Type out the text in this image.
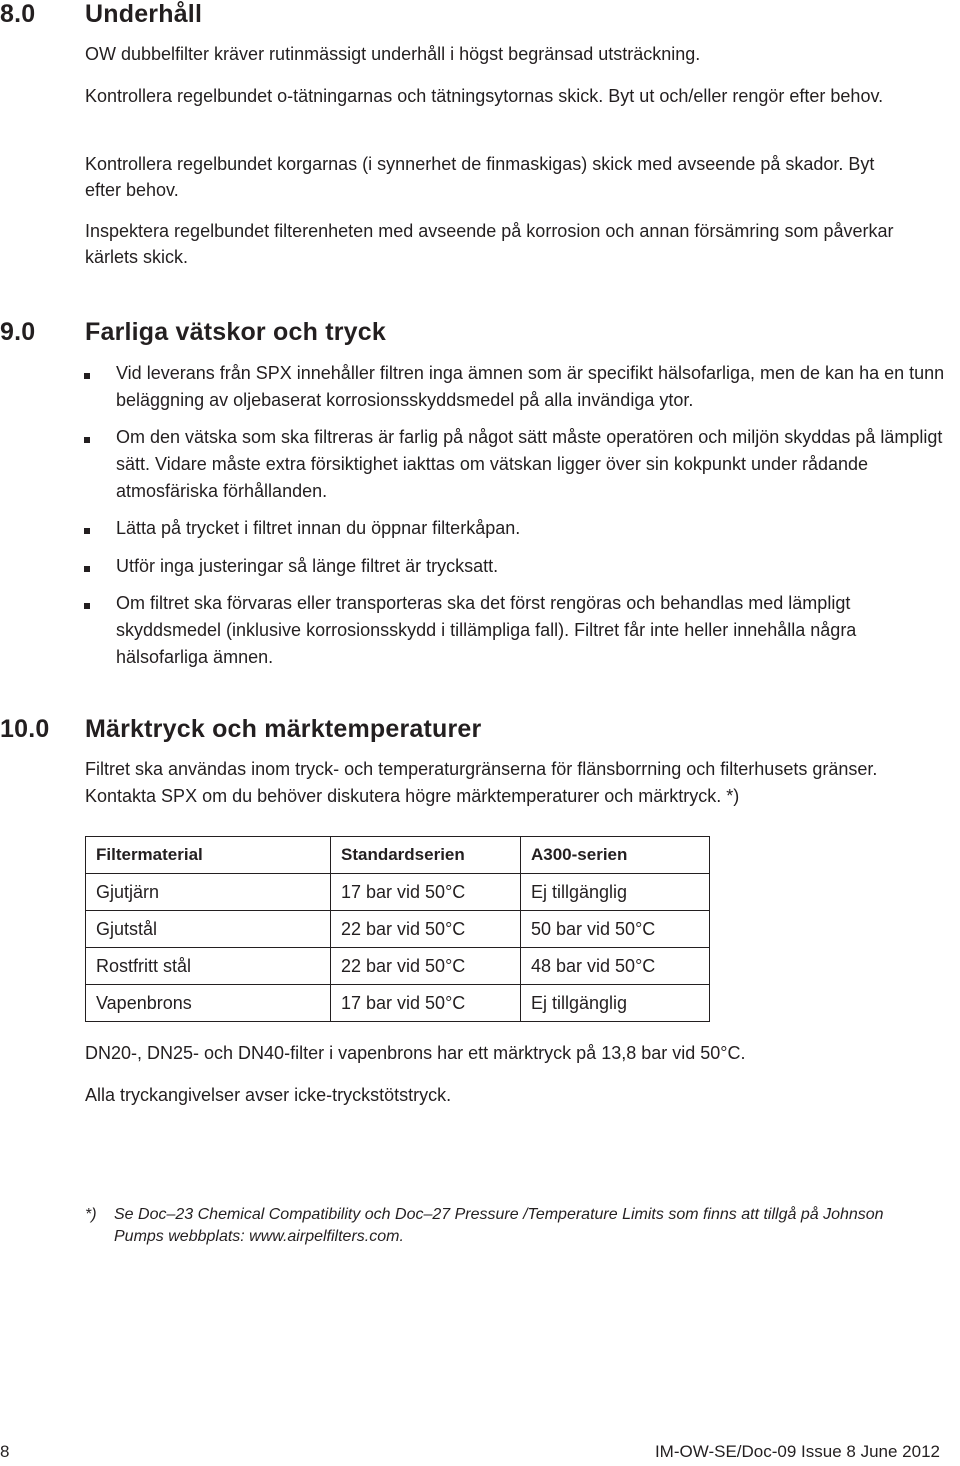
8.0 Underhåll
OW dubbelfilter kräver rutinmässigt underhåll i högst begränsad utsträckning.
Kontrollera regelbundet o-tätningarnas och tätningsytornas skick. Byt ut och/eller rengör efter behov.
Kontrollera regelbundet korgarnas (i synnerhet de finmaskigas) skick med avseende på skador. Byt efter behov.
Inspektera regelbundet filterenheten med avseende på korrosion och annan försämring som påverkar kärlets skick.
9.0 Farliga vätskor och tryck
Vid leverans från SPX innehåller filtren inga ämnen som är specifikt hälsofarliga, men de kan ha en tunn beläggning av oljebaserat korrosionsskyddsmedel på alla invändiga ytor.
Om den vätska som ska filtreras är farlig på något sätt måste operatören och miljön skyddas på lämpligt sätt. Vidare måste extra försiktighet iakttas om vätskan ligger över sin kokpunkt under rådande atmosfäriska förhållanden.
Lätta på trycket i filtret innan du öppnar filterkåpan.
Utför inga justeringar så länge filtret är trycksatt.
Om filtret ska förvaras eller transporteras ska det först rengöras och behandlas med lämpligt skyddsmedel (inklusive korrosionsskydd i tillämpliga fall). Filtret får inte heller innehålla några hälsofarliga ämnen.
10.0 Märktryck och märktemperaturer
Filtret ska användas inom tryck- och temperaturgränserna för flänsborrning och filterhusets gränser. Kontakta SPX om du behöver diskutera högre märktemperaturer och märktryck. *)
Filtermaterial	Standardserien	A300-serien
Gjutjärn	17 bar vid 50°C	Ej tillgänglig
Gjutstål	22 bar vid 50°C	50 bar vid 50°C
Rostfritt stål	22 bar vid 50°C	48 bar vid 50°C
Vapenbrons	17 bar vid 50°C	Ej tillgänglig
DN20-, DN25- och DN40-filter i vapenbrons har ett märktryck på 13,8 bar vid 50°C.
Alla tryckangivelser avser icke-tryckstötstryck.
*) Se Doc–23 Chemical Compatibility och Doc–27 Pressure /Temperature Limits som finns att tillgå på Johnson Pumps webbplats: www.airpelfilters.com.
8	IM-OW-SE/Doc-09 Issue 8 June 2012
